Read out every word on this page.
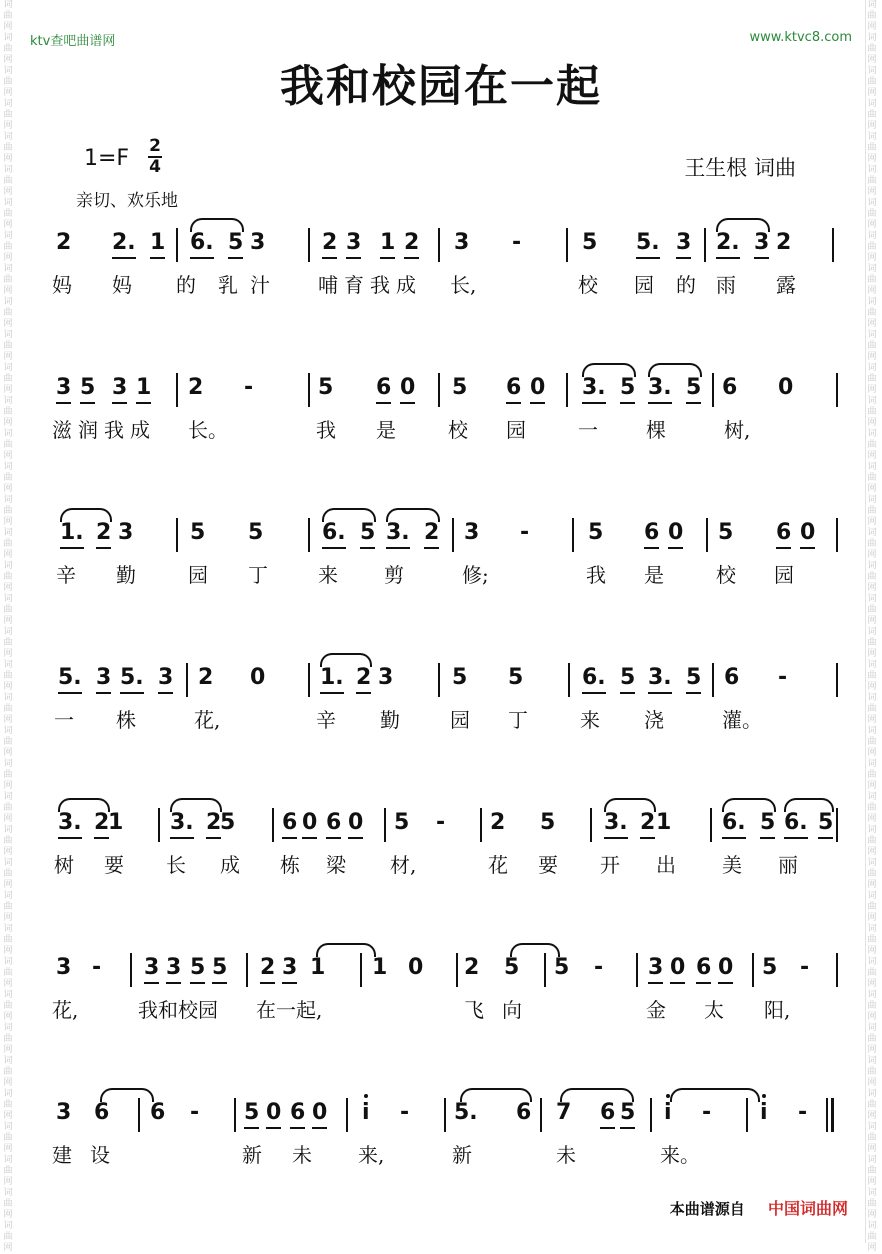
词曲网词曲网词曲网词曲网词曲网词曲网词曲网词曲网词曲网词曲网词曲网词曲网词曲网词曲网词曲网词曲网词曲网词曲网词曲网词曲网词曲网词曲网词曲网词曲网词曲网词曲网词曲网词曲网词曲网词曲网词曲网词曲网词曲网词曲网词曲网词曲网词曲网词曲网
词曲网词曲网词曲网词曲网词曲网词曲网词曲网词曲网词曲网词曲网词曲网词曲网词曲网词曲网词曲网词曲网词曲网词曲网词曲网词曲网词曲网词曲网词曲网词曲网词曲网词曲网词曲网词曲网词曲网词曲网词曲网词曲网词曲网词曲网词曲网词曲网词曲网词曲网
ktv查吧曲谱网	www.ktvc8.com
我和校园在一起
1=F 2
4	王生根 词曲
亲切、欢乐地
2 2. 1 6. 5 3	2 3 1 2 3 -	5 5. 3 2. 3 2
妈 妈 的 乳 汁 哺 育 我 成 长,	校 园 的 雨 露
3 5 3 1 2 -	5 6 0 5 6 0 3. 5 3. 5 6 0
滋 润 我 成 长。	我 是	校 园	一 棵	树,
1. 2 3	5 5	6. 5 3. 2 3 -	5 6 0 5 6 0
辛 勤	园 丁	来 剪	修;	我 是	校 园
5. 3 5. 3 2 0 1. 2 3	5 5	6. 5 3. 5 6 -
一 株	花,	辛 勤	园 丁	来 浇	灌。
3. 2
1 3. 2
5 6 0 6 0 5 - 2 5 3. 2 1 6. 5 6. 5
树 要 长 成 栋 梁 材,	花 要 开 出 美 丽
3 - 3 3 5 5 2 3 1 1 0 2 5 5 - 3 0 6 0 5 -
花,	我和校园 在一起,	飞 向	金 太 阳,
3 6 6 - 5 0 6 0 i - 5. 6 7 6 5 i - i -
建 设	新 未 来,	新	未	来。
本曲谱源自 中国词曲网
